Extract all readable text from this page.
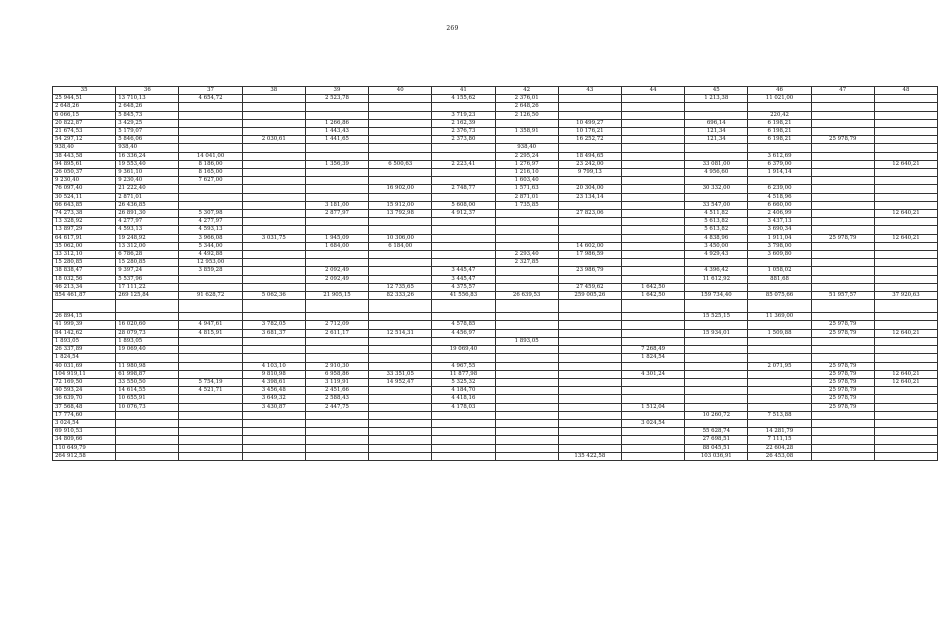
269
35	36	37	38	39	40	41	42	43	44	45	46	47	48
25 944,51	13 710,13	4 654,72		2 523,78		4 155,62	2 376,01			1 213,38	11 021,00		
2 648,26	2 648,26						2 648,26						
6 066,15	5 845,73					3 719,23	2 126,50				220,42		
20 822,87	3 429,25			1 266,86		2 162,39		10 499,27		696,14	6 198,21		
21 674,53	5 179,07			1 443,43		2 376,73	1 358,91	10 176,21		121,34	6 198,21		
54 297,12	5 846,06		2 030,61	1 441,65		2 373,80		16 252,72		121,34	6 198,21	25 978,79	
938,40	938,40						938,40						
38 443,58	16 336,24	14 041,00					2 295,24	18 494,65			3 612,69		
94 895,61	19 553,40	8 186,00		1 356,39	6 500,63	2 223,41	1 276,97	23 242,00		33 081,00	6 379,00		12 640,21
26 050,37	9 361,10	8 165,00					1 216,10	9 799,13		4 956,60	1 914,14		
9 230,40	9 230,40	7 627,00					1 603,40						
76 097,40	21 222,40				16 902,00	2 748,77	1 571,63	20 304,00		30 332,00	6 239,00		
30 524,11	2 871,01						2 871,01	23 134,14			4 518,96		
66 643,85	26 436,85			3 181,00	15 912,00	5 608,00	1 735,85			33 547,00	6 660,00		
74 273,38	26 891,30	5 307,98		2 877,97	13 792,98	4 912,37		27 823,06		4 511,82	2 406,99		12 640,21
13 328,92	4 277,97	4 277,97								5 613,82	3 437,13		
13 897,29	4 593,13	4 593,13								5 613,82	3 690,34		
64 617,91	19 248,92	3 966,08	3 031,75	1 945,09	10 306,00					4 838,96	1 911,04	25 978,79	12 640,21
35 062,00	13 312,00	5 344,00		1 684,00	6 184,00			14 602,00		3 450,00	3 798,00		
33 312,10	6 786,28	4 492,88					2 293,40	17 986,59		4 929,43	3 609,80		
15 280,85	15 280,85	12 953,00					2 327,85						
38 838,47	9 397,24	3 859,28		2 092,49		3 445,47		23 986,79		4 396,42	1 058,02		
18 032,56	5 537,96			2 092,49		3 445,47				11 612,92	881,68		
46 213,34	17 111,22				12 735,65	4 375,57		27 459,62	1 642,50				
854 461,87	269 125,84	91 628,72	5 062,36	21 905,15	82 333,26	41 556,83	26 639,53	259 005,26	1 642,50	159 734,40	85 075,66	51 957,57	37 920,63

26 894,15										15 525,15	11 369,00		
41 999,39	16 020,60	4 947,61	3 782,05	2 712,09		4 578,85						25 978,79	
84 142,62	28 079,73	4 815,91	3 681,37	2 611,17	12 514,31	4 456,97				15 934,01	1 509,88	25 978,79	12 640,21
1 893,05	1 893,05						1 893,05						
26 337,89	19 069,40					19 069,40			7 268,49				
1 824,54									1 824,54				
40 031,69	11 980,98		4 103,10	2 910,30		4 967,55					2 071,95	25 978,79	
104 919,11	61 998,87		9 810,98	6 958,86	33 351,05	11 877,98			4 301,24			25 978,79	12 640,21
72 169,50	33 550,50	5 754,19	4 398,61	3 119,91	14 952,47	5 325,32						25 978,79	12 640,21
40 593,24	14 614,55	4 521,71	3 456,48	2 451,66		4 184,70						25 978,79	
36 639,70	10 655,91		3 649,32	2 588,43		4 418,16						25 978,79	
37 568,48	10 076,73		3 430,87	2 447,75		4 178,03			1 512,04			25 978,79	
17 774,60										10 260,72	7 513,88		
3 024,54									3 024,54				
69 910,53										55 628,74	14 281,79		
34 809,66										27 698,51	7 111,15		
110 649,79										88 045,51	22 604,28		
264 912,58								135 422,58		103 036,91	26 453,08		
